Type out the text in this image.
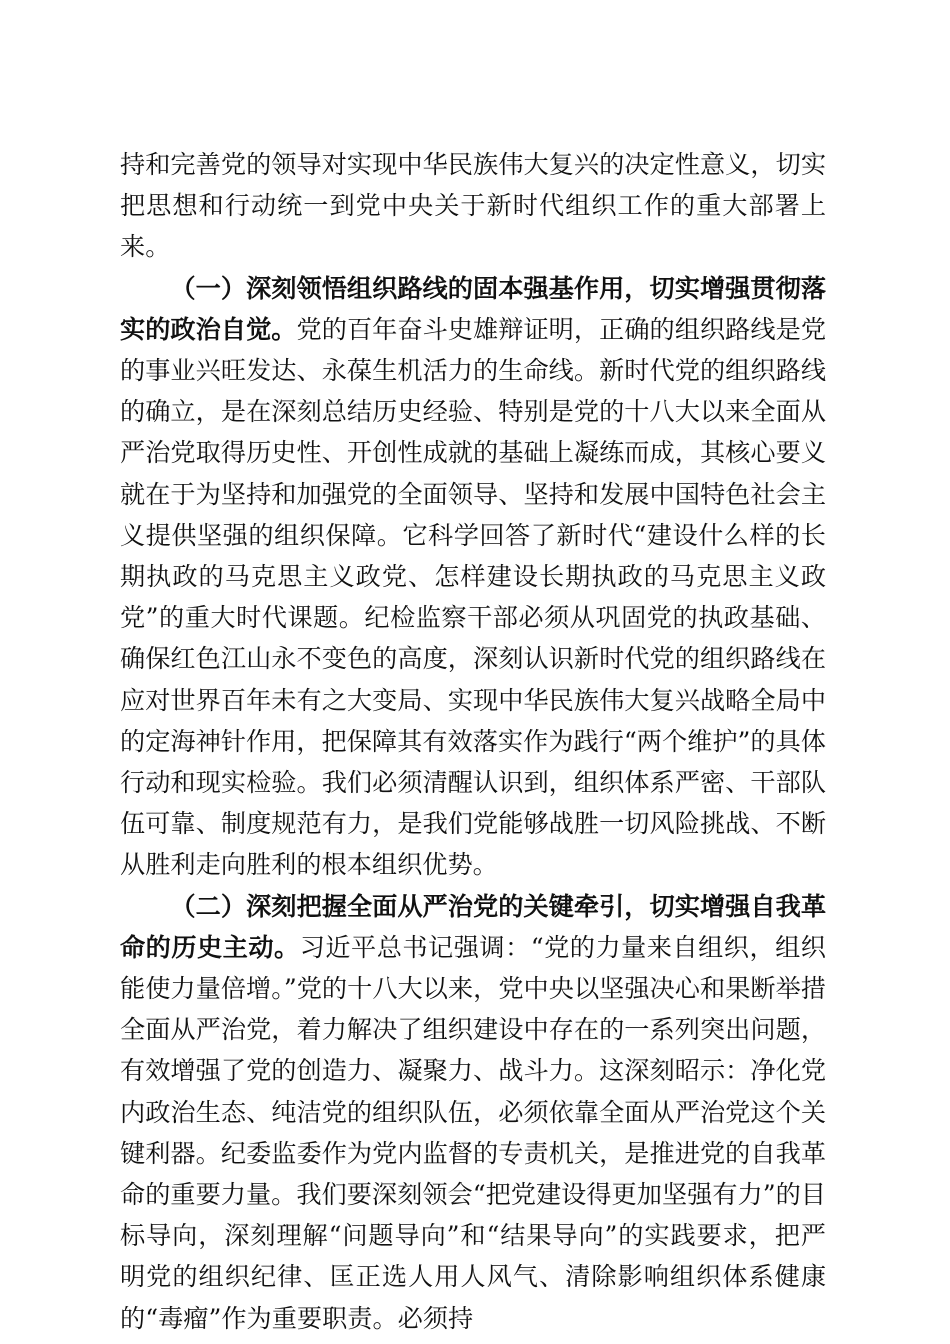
持和完善党的领导对实现中华民族伟大复兴的决定性意义，切实把思想和行动统一到党中央关于新时代组织工作的重大部署上来。

（一）深刻领悟组织路线的固本强基作用，切实增强贯彻落实的政治自觉。党的百年奋斗史雄辩证明，正确的组织路线是党的事业兴旺发达、永葆生机活力的生命线。新时代党的组织路线的确立，是在深刻总结历史经验、特别是党的十八大以来全面从严治党取得历史性、开创性成就的基础上凝练而成，其核心要义就在于为坚持和加强党的全面领导、坚持和发展中国特色社会主义提供坚强的组织保障。它科学回答了新时代“建设什么样的长期执政的马克思主义政党、怎样建设长期执政的马克思主义政党”的重大时代课题。纪检监察干部必须从巩固党的执政基础、确保红色江山永不变色的高度，深刻认识新时代党的组织路线在应对世界百年未有之大变局、实现中华民族伟大复兴战略全局中的定海神针作用，把保障其有效落实作为践行“两个维护”的具体行动和现实检验。我们必须清醒认识到，组织体系严密、干部队伍可靠、制度规范有力，是我们党能够战胜一切风险挑战、不断从胜利走向胜利的根本组织优势。

（二）深刻把握全面从严治党的关键牵引，切实增强自我革命的历史主动。习近平总书记强调：“党的力量来自组织，组织能使力量倍增。”党的十八大以来，党中央以坚强决心和果断举措全面从严治党，着力解决了组织建设中存在的一系列突出问题，有效增强了党的创造力、凝聚力、战斗力。这深刻昭示：净化党内政治生态、纯洁党的组织队伍，必须依靠全面从严治党这个关键利器。纪委监委作为党内监督的专责机关，是推进党的自我革命的重要力量。我们要深刻领会“把党建设得更加坚强有力”的目标导向，深刻理解“问题导向”和“结果导向”的实践要求，把严明党的组织纪律、匡正选人用人风气、清除影响组织体系健康的“毒瘤”作为重要职责。必须持
